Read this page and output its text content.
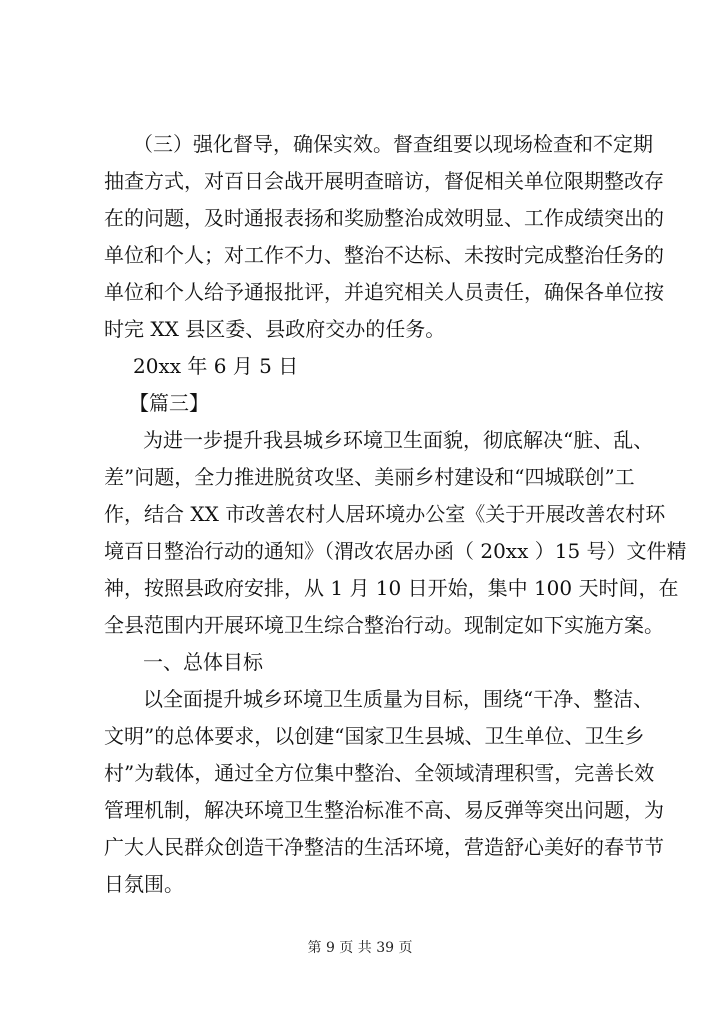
（三）强化督导，确保实效。督查组要以现场检查和不定期
抽查方式，对百日会战开展明查暗访，督促相关单位限期整改存
在的问题，及时通报表扬和奖励整治成效明显、工作成绩突出的
单位和个人；对工作不力、整治不达标、未按时完成整治任务的
单位和个人给予通报批评，并追究相关人员责任，确保各单位按
时完 XX 县区委、县政府交办的任务。
20xx 年 6 月 5 日
【篇三】
为进一步提升我县城乡环境卫生面貌，彻底解决“脏、乱、
差”问题，全力推进脱贫攻坚、美丽乡村建设和“四城联创”工
作，结合 XX 市改善农村人居环境办公室《关于开展改善农村环
境百日整治行动的通知》（渭改农居办函（ 20xx ）15 号）文件精
神，按照县政府安排，从 1 月 10 日开始，集中 100 天时间，在
全县范围内开展环境卫生综合整治行动。现制定如下实施方案。
一、总体目标
以全面提升城乡环境卫生质量为目标，围绕“干净、整洁、
文明”的总体要求，以创建“国家卫生县城、卫生单位、卫生乡
村”为载体，通过全方位集中整治、全领域清理积雪，完善长效
管理机制，解决环境卫生整治标准不高、易反弹等突出问题，为
广大人民群众创造干净整洁的生活环境，营造舒心美好的春节节
日氛围。
第 9 页 共 39 页
